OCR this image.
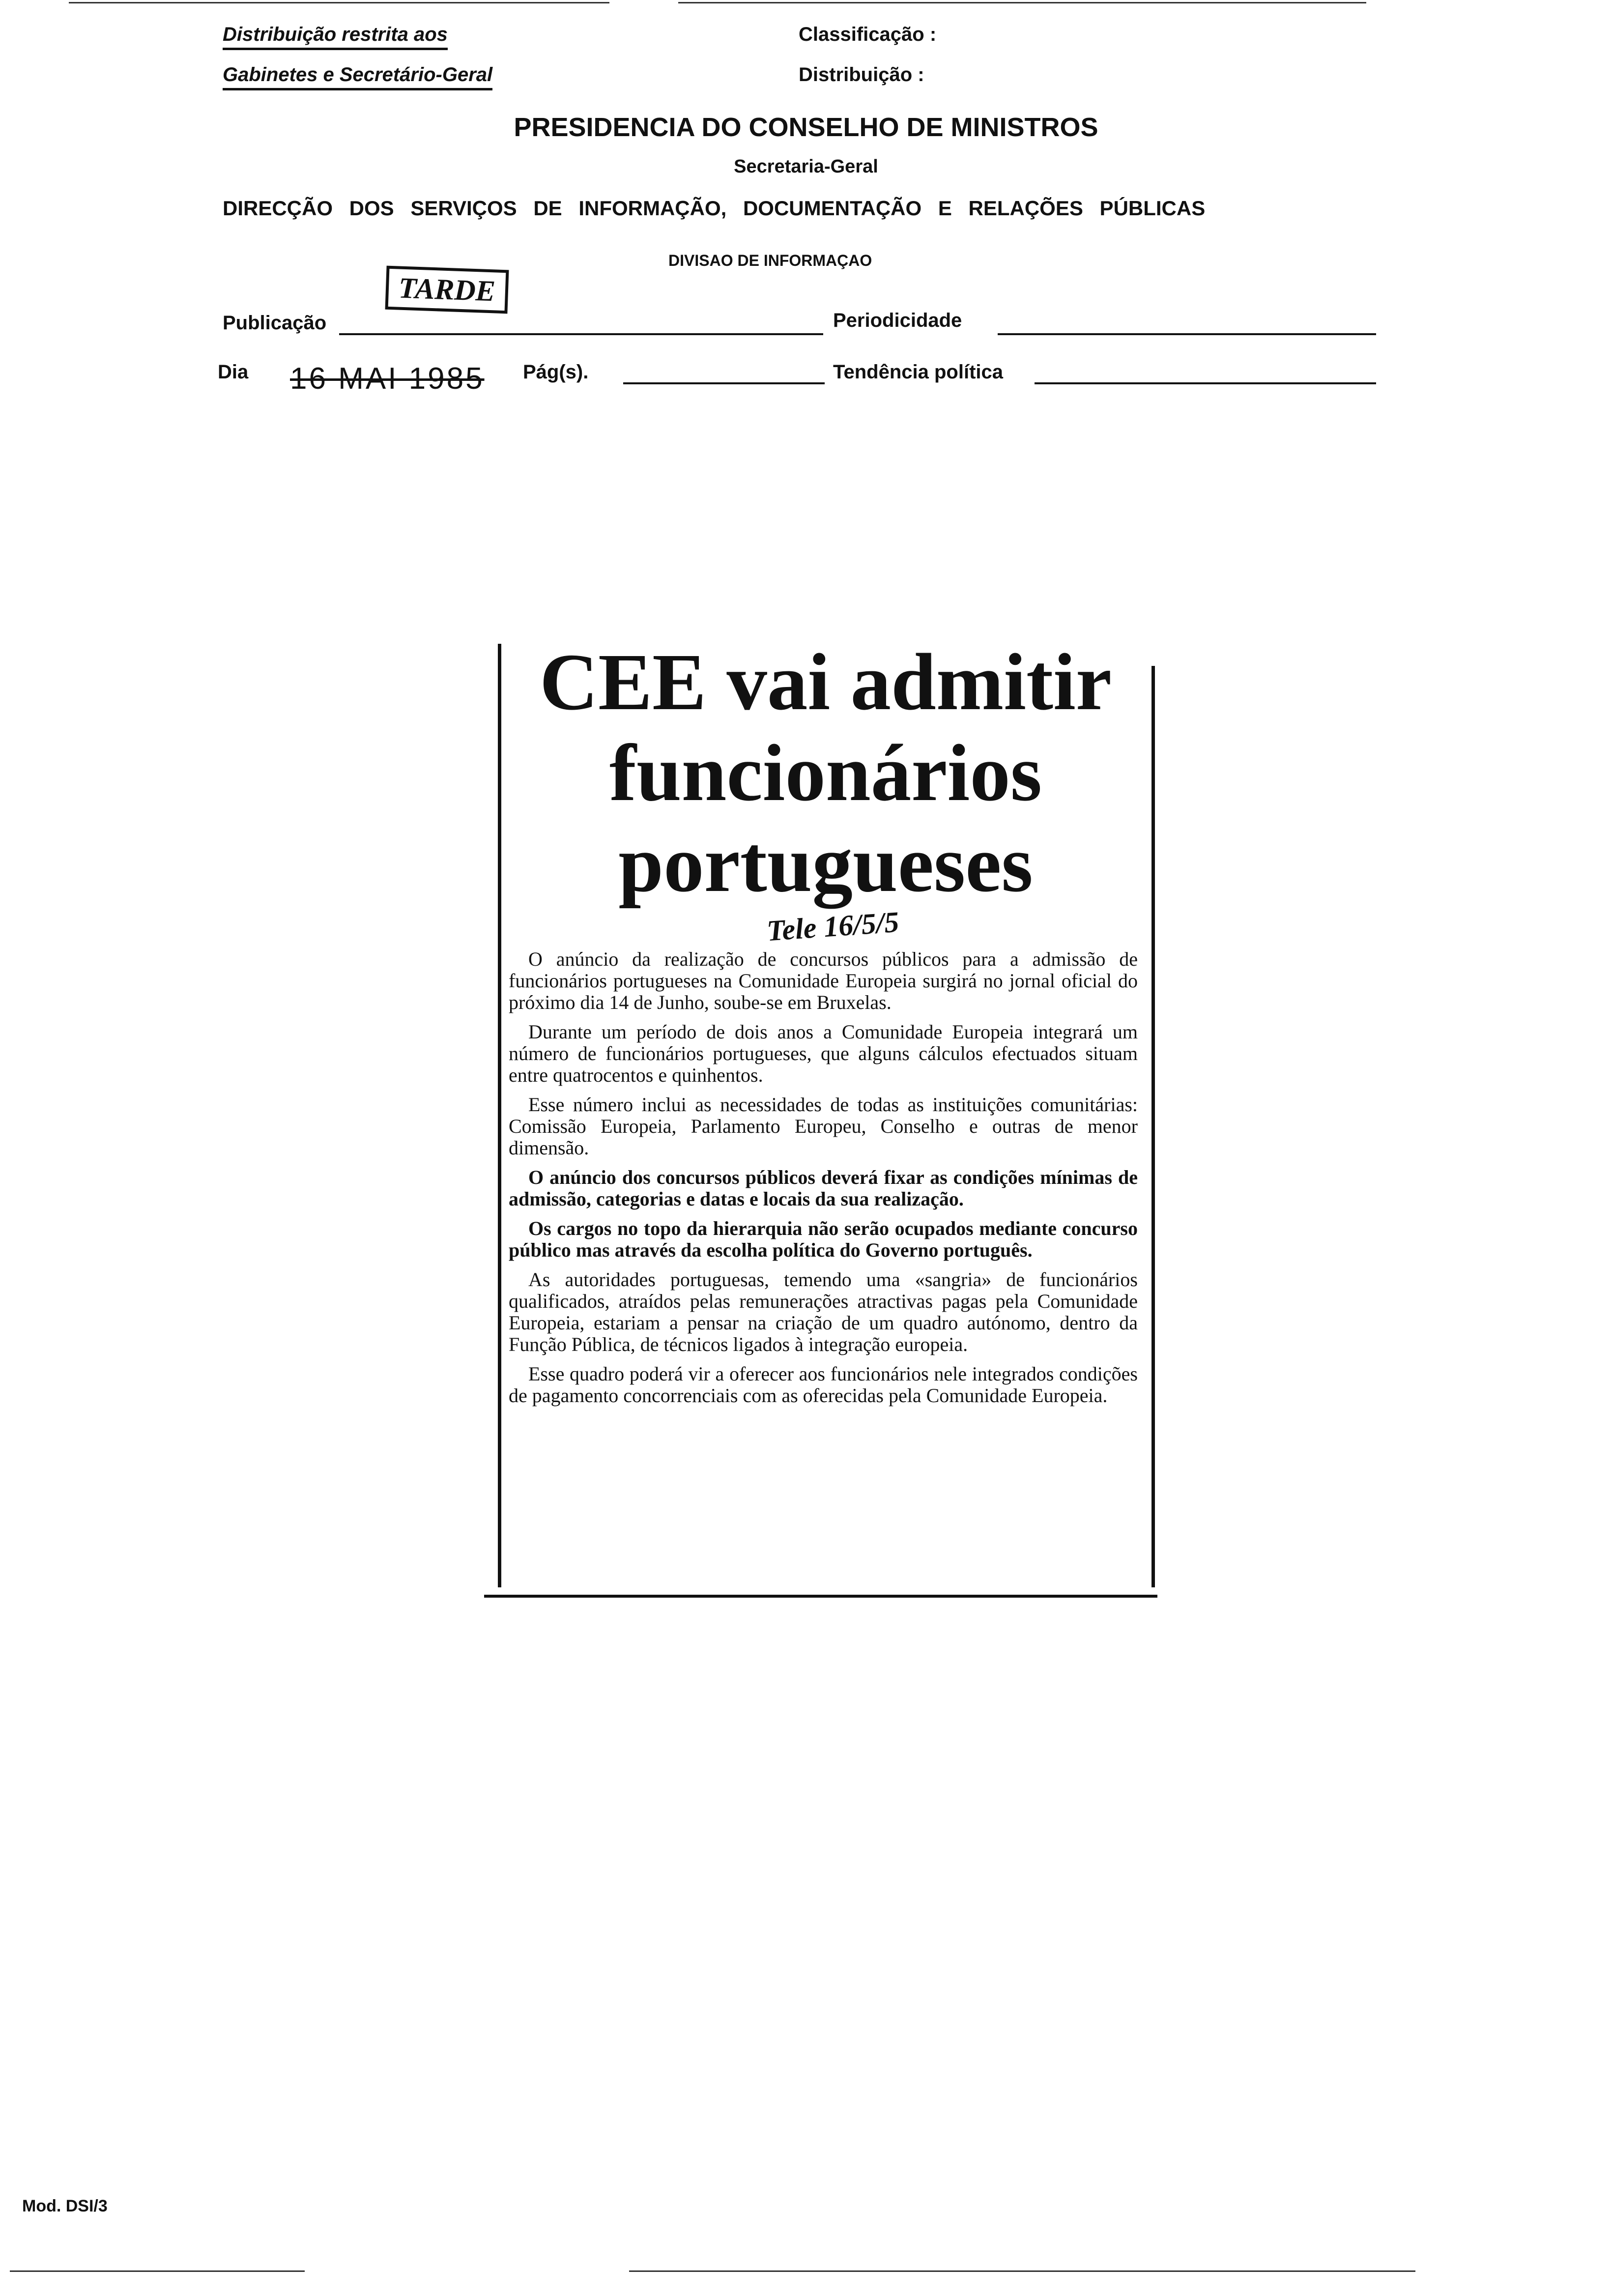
Distribuição restrita aos
Gabinetes e Secretário-Geral
Classificação :
Distribuição :
PRESIDENCIA DO CONSELHO DE MINISTROS
Secretaria-Geral
DIRECÇÃO DOS SERVIÇOS DE INFORMAÇÃO, DOCUMENTAÇÃO E RELAÇÕES PÚBLICAS
DIVISAO DE INFORMAÇAO
TARDE
Publicação	Periodicidade
Dia 16 MAI 1985 Pág(s).	Tendência política
CEE vai admitir
funcionários
portugueses
Tele 16/5/5

O anúncio da realização de concursos públicos para a admissão de funcionários portugueses na Comunidade Europeia surgirá no jornal oficial do próximo dia 14 de Junho, soube-se em Bruxelas.

Durante um período de dois anos a Comunidade Europeia integrará um número de funcionários portugueses, que alguns cálculos efectuados situam entre quatrocentos e quinhentos.

Esse número inclui as necessidades de todas as instituições comunitárias: Comissão Europeia, Parlamento Europeu, Conselho e outras de menor dimensão.

O anúncio dos concursos públicos deverá fixar as condições mínimas de admissão, categorias e datas e locais da sua realização.

Os cargos no topo da hierarquia não serão ocupados mediante concurso público mas através da escolha política do Governo português.

As autoridades portuguesas, temendo uma «sangria» de funcionários qualificados, atraídos pelas remunerações atractivas pagas pela Comunidade Europeia, estariam a pensar na criação de um quadro autónomo, dentro da Função Pública, de técnicos ligados à integração europeia.

Esse quadro poderá vir a oferecer aos funcionários nele integrados condições de pagamento concorrenciais com as oferecidas pela Comunidade Europeia.

Mod. DSI/3
